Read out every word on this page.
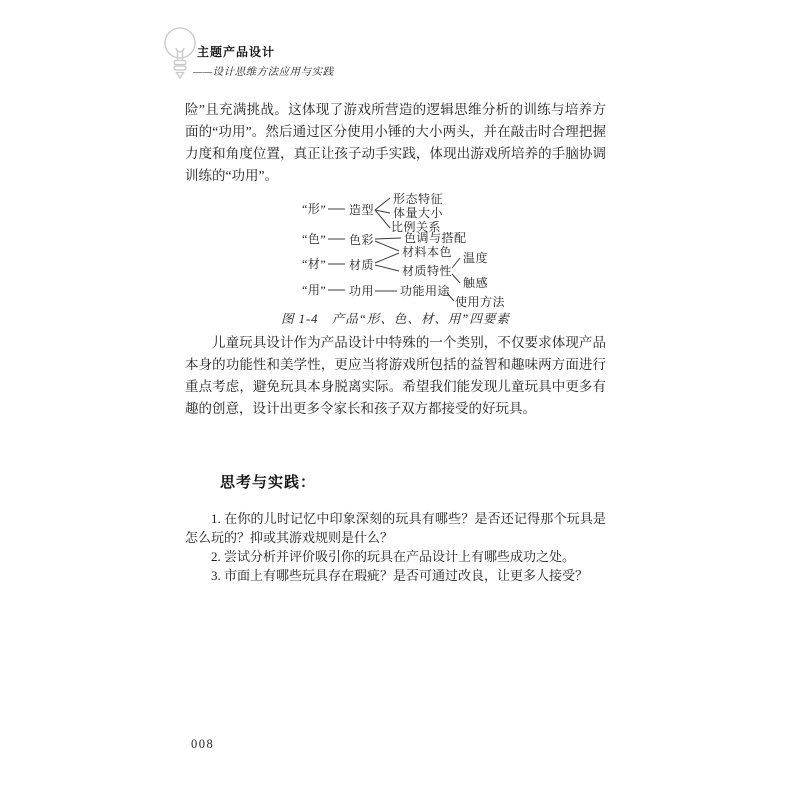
主题产品设计
——设计思维方法应用与实践

险”且充满挑战。这体现了游戏所营造的逻辑思维分析的训练与培养方面的“功用”。然后通过区分使用小锤的大小两头，并在敲击时合理把握力度和角度位置，真正让孩子动手实践，体现出游戏所培养的手脑协调训练的“功用”。

“形” 造型
形态特征
体量大小
比例关系
“色” 色彩 色调与搭配
材料本色
“材” 材质 材质特性
温度
触感
“用” 功用 功能用途
使用方法

图 1-4　产品“形、色、材、用”四要素

儿童玩具设计作为产品设计中特殊的一个类别，不仅要求体现产品本身的功能性和美学性，更应当将游戏所包括的益智和趣味两方面进行重点考虑，避免玩具本身脱离实际。希望我们能发现儿童玩具中更多有趣的创意，设计出更多令家长和孩子双方都接受的好玩具。

思考与实践：

1. 在你的儿时记忆中印象深刻的玩具有哪些？是否还记得那个玩具是怎么玩的？抑或其游戏规则是什么？

2. 尝试分析并评价吸引你的玩具在产品设计上有哪些成功之处。

3. 市面上有哪些玩具存在瑕疵？是否可通过改良，让更多人接受？

008
